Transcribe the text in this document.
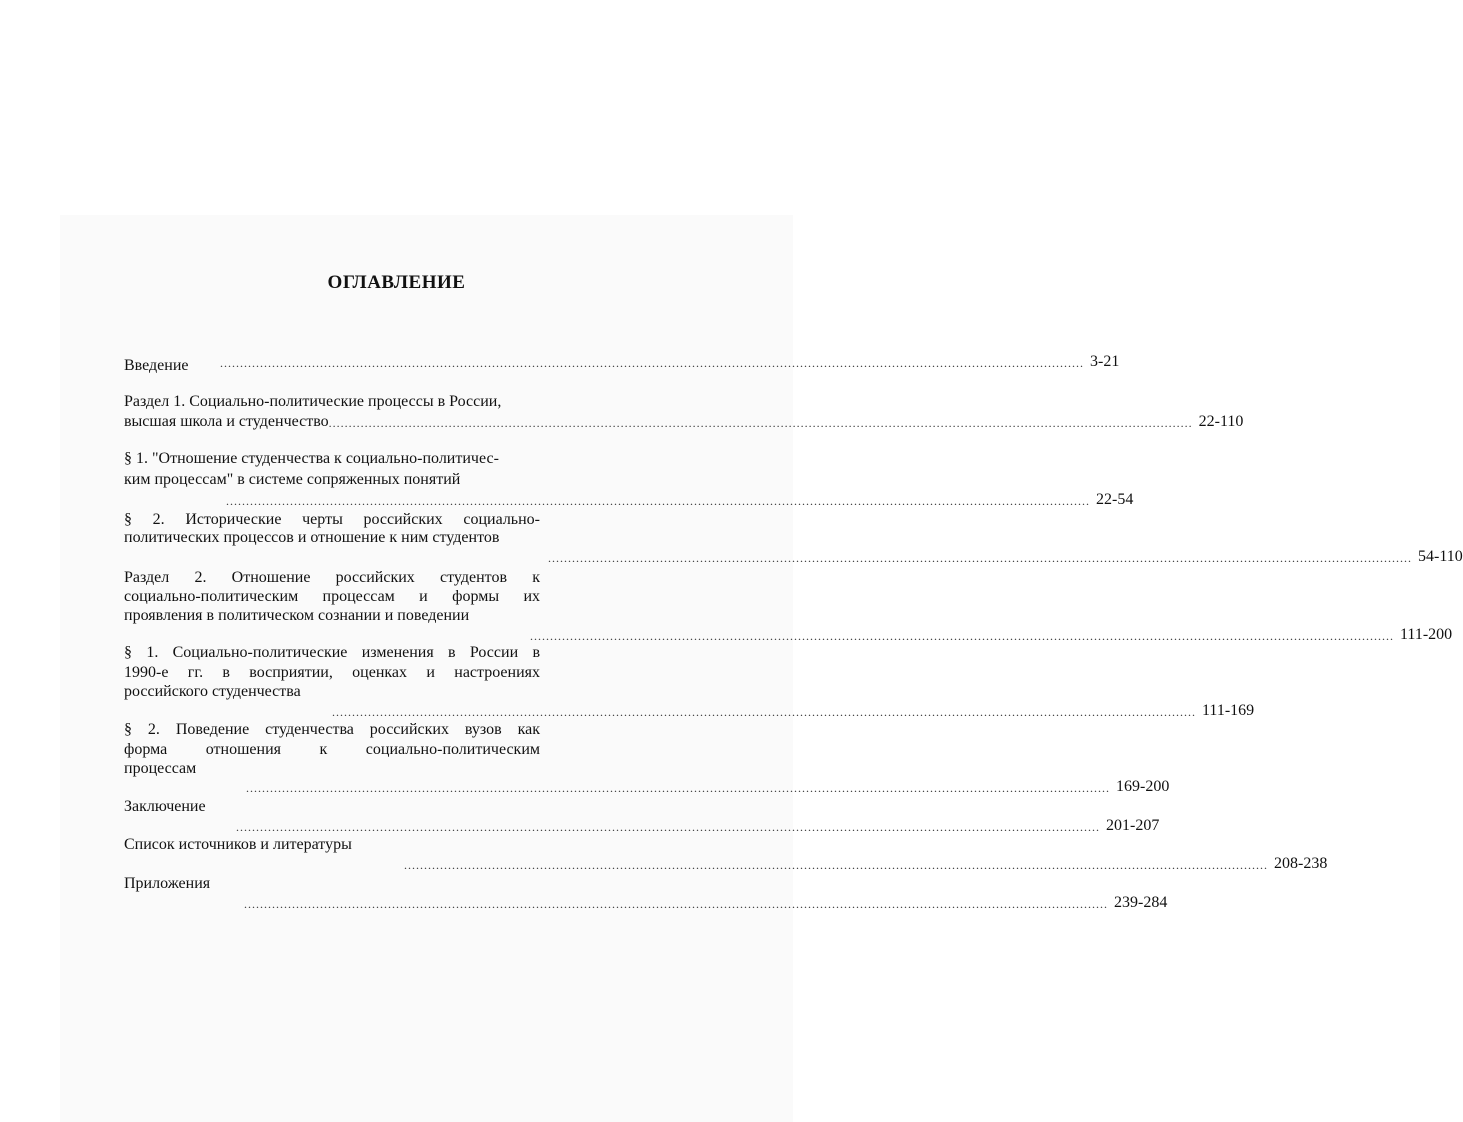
ОГЛАВЛЕНИЕ
Введение	........................................................................................................................................................................................................................ 3-21
Раздел 1. Социально-политические процессы в России,
высшая школа и студенчество ........................................................................................................................................................................................................................ 22-110
§ 1. "Отношение студенчества к социально-политичес-
ким процессам" в системе сопряженных понятий
........................................................................................................................................................................................................................ 22-54
§ 2. Исторические черты российских социально-
политических процессов и отношение к ним студентов
........................................................................................................................................................................................................................ 54-110
Раздел 2. Отношение российских студентов к
социально-политическим процессам и формы их
проявления в политическом сознании и поведении
........................................................................................................................................................................................................................ 111-200
§ 1. Социально-политические изменения в России в
1990-е гг. в восприятии, оценках и настроениях
российского студенчества
........................................................................................................................................................................................................................ 111-169
§ 2. Поведение студенчества российских вузов как
форма отношения к социально-политическим
процессам
........................................................................................................................................................................................................................ 169-200
Заключение
........................................................................................................................................................................................................................ 201-207
Список источников и литературы
........................................................................................................................................................................................................................ 208-238
Приложения
........................................................................................................................................................................................................................ 239-284
